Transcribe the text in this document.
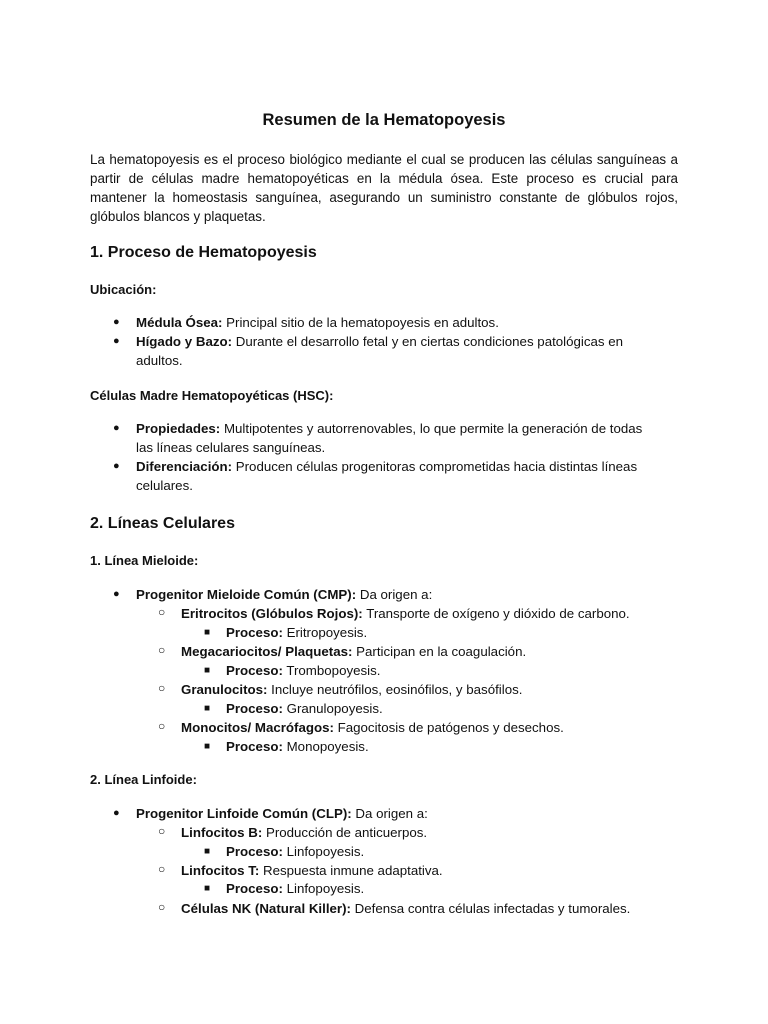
Resumen de la Hematopoyesis
La hematopoyesis es el proceso biológico mediante el cual se producen las células sanguíneas a partir de células madre hematopoyéticas en la médula ósea. Este proceso es crucial para mantener la homeostasis sanguínea, asegurando un suministro constante de glóbulos rojos, glóbulos blancos y plaquetas.
1. Proceso de Hematopoyesis
Ubicación:
● Médula Ósea: Principal sitio de la hematopoyesis en adultos.
● Hígado y Bazo: Durante el desarrollo fetal y en ciertas condiciones patológicas en
adultos.
Células Madre Hematopoyéticas (HSC):
● Propiedades: Multipotentes y autorrenovables, lo que permite la generación de todas
las líneas celulares sanguíneas.
● Diferenciación: Producen células progenitoras comprometidas hacia distintas líneas
celulares.
2. Líneas Celulares
1. Línea Mieloide:
● Progenitor Mieloide Común (CMP): Da origen a:
○ Eritrocitos (Glóbulos Rojos): Transporte de oxígeno y dióxido de carbono.
■ Proceso: Eritropoyesis.
○ Megacariocitos/ Plaquetas: Participan en la coagulación.
■ Proceso: Trombopoyesis.
○ Granulocitos: Incluye neutrófilos, eosinófilos, y basófilos.
■ Proceso: Granulopoyesis.
○ Monocitos/ Macrófagos: Fagocitosis de patógenos y desechos.
■ Proceso: Monopoyesis.
2. Línea Linfoide:
● Progenitor Linfoide Común (CLP): Da origen a:
○ Linfocitos B: Producción de anticuerpos.
■ Proceso: Linfopoyesis.
○ Linfocitos T: Respuesta inmune adaptativa.
■ Proceso: Linfopoyesis.
○ Células NK (Natural Killer): Defensa contra células infectadas y tumorales.
